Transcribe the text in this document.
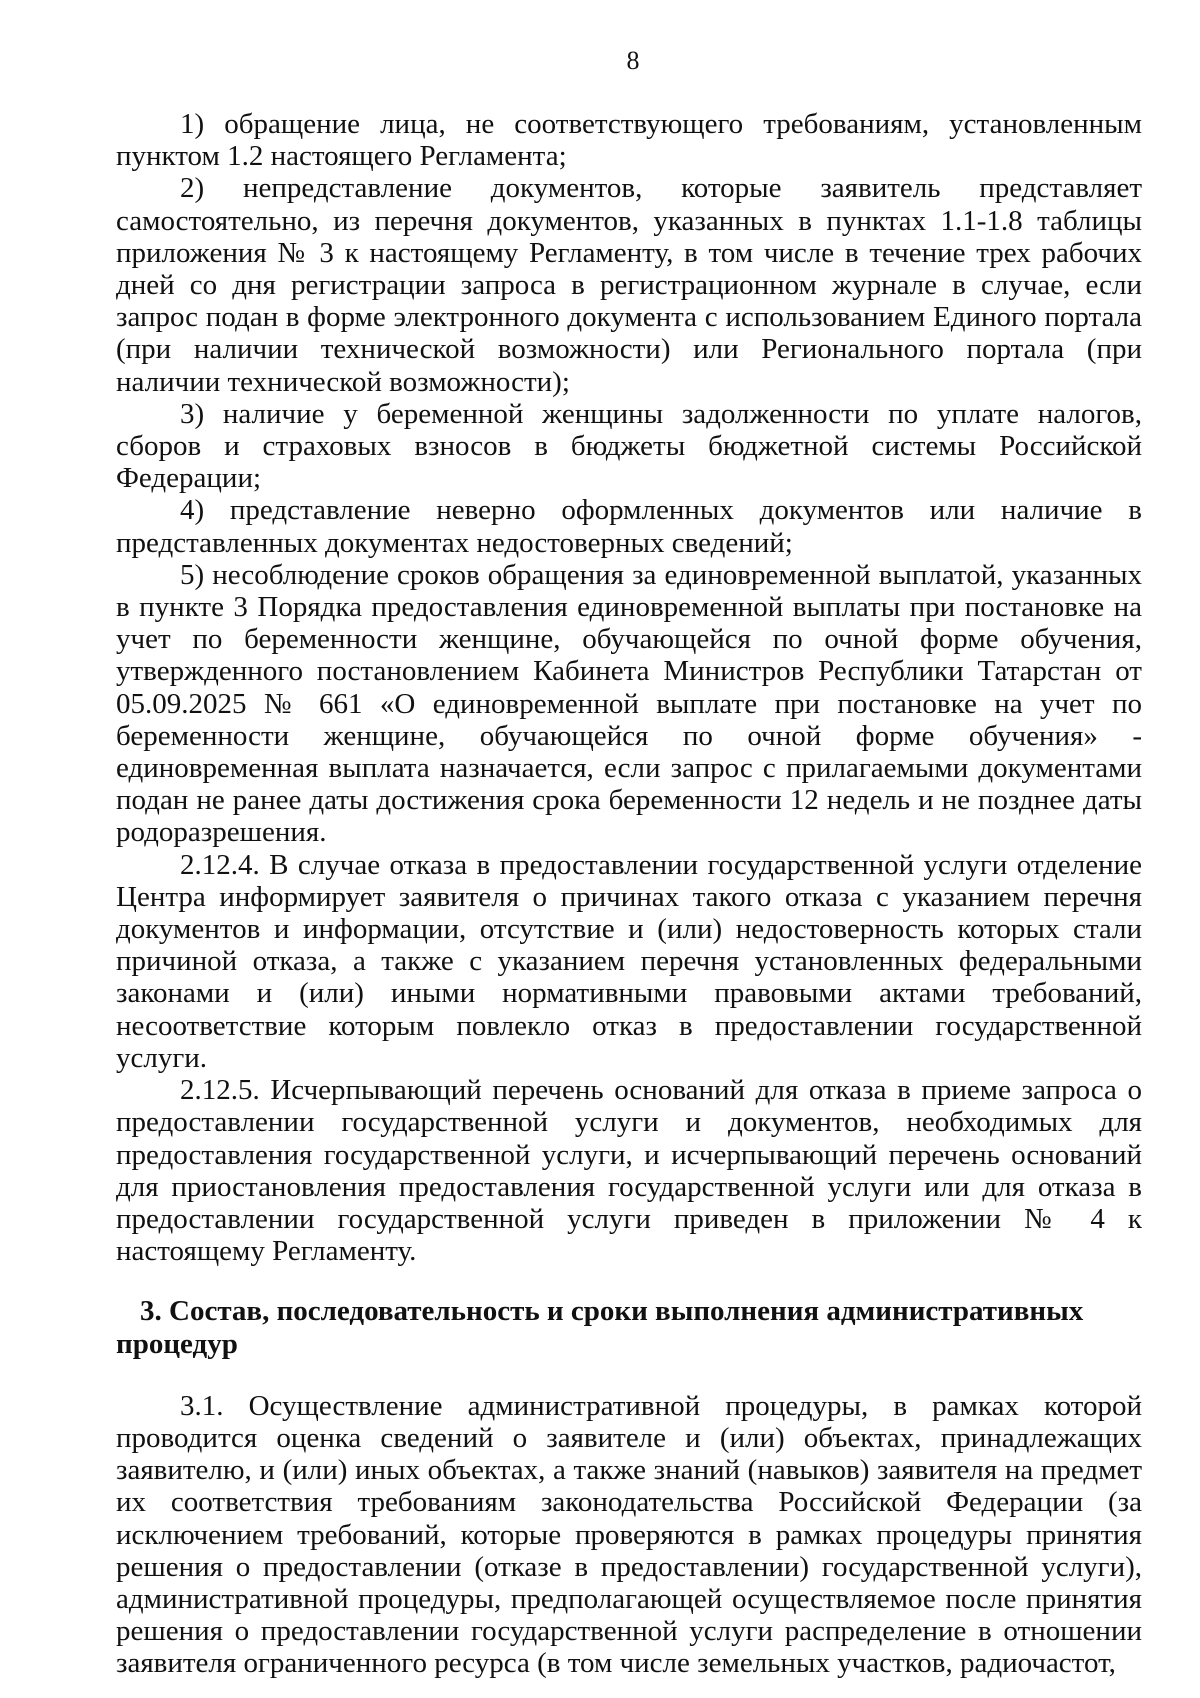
8

1) обращение лица, не соответствующего требованиям, установленным пунктом 1.2 настоящего Регламента;

2) непредставление документов, которые заявитель представляет самостоятельно, из перечня документов, указанных в пунктах 1.1-1.8 таблицы приложения № 3 к настоящему Регламенту, в том числе в течение трех рабочих дней со дня регистрации запроса в регистрационном журнале в случае, если запрос подан в форме электронного документа с использованием Единого портала (при наличии технической возможности) или Регионального портала (при наличии технической возможности);

3) наличие у беременной женщины задолженности по уплате налогов, сборов и страховых взносов в бюджеты бюджетной системы Российской Федерации;

4) представление неверно оформленных документов или наличие в представленных документах недостоверных сведений;

5) несоблюдение сроков обращения за единовременной выплатой, указанных в пункте 3 Порядка предоставления единовременной выплаты при постановке на учет по беременности женщине, обучающейся по очной форме обучения, утвержденного постановлением Кабинета Министров Республики Татарстан от 05.09.2025 № 661 «О единовременной выплате при постановке на учет по беременности женщине, обучающейся по очной форме обучения» - единовременная выплата назначается, если запрос с прилагаемыми документами подан не ранее даты достижения срока беременности 12 недель и не позднее даты родоразрешения.

2.12.4. В случае отказа в предоставлении государственной услуги отделение Центра информирует заявителя о причинах такого отказа с указанием перечня документов и информации, отсутствие и (или) недостоверность которых стали причиной отказа, а также с указанием перечня установленных федеральными законами и (или) иными нормативными правовыми актами требований, несоответствие которым повлекло отказ в предоставлении государственной услуги.

2.12.5. Исчерпывающий перечень оснований для отказа в приеме запроса о предоставлении государственной услуги и документов, необходимых для предоставления государственной услуги, и исчерпывающий перечень оснований для приостановления предоставления государственной услуги или для отказа в предоставлении государственной услуги приведен в приложении № 4 к настоящему Регламенту.

3. Состав, последовательность и сроки выполнения административных процедур

3.1. Осуществление административной процедуры, в рамках которой проводится оценка сведений о заявителе и (или) объектах, принадлежащих заявителю, и (или) иных объектах, а также знаний (навыков) заявителя на предмет их соответствия требованиям законодательства Российской Федерации (за исключением требований, которые проверяются в рамках процедуры принятия решения о предоставлении (отказе в предоставлении) государственной услуги), административной процедуры, предполагающей осуществляемое после принятия решения о предоставлении государственной услуги распределение в отношении заявителя ограниченного ресурса (в том числе земельных участков, радиочастот,
